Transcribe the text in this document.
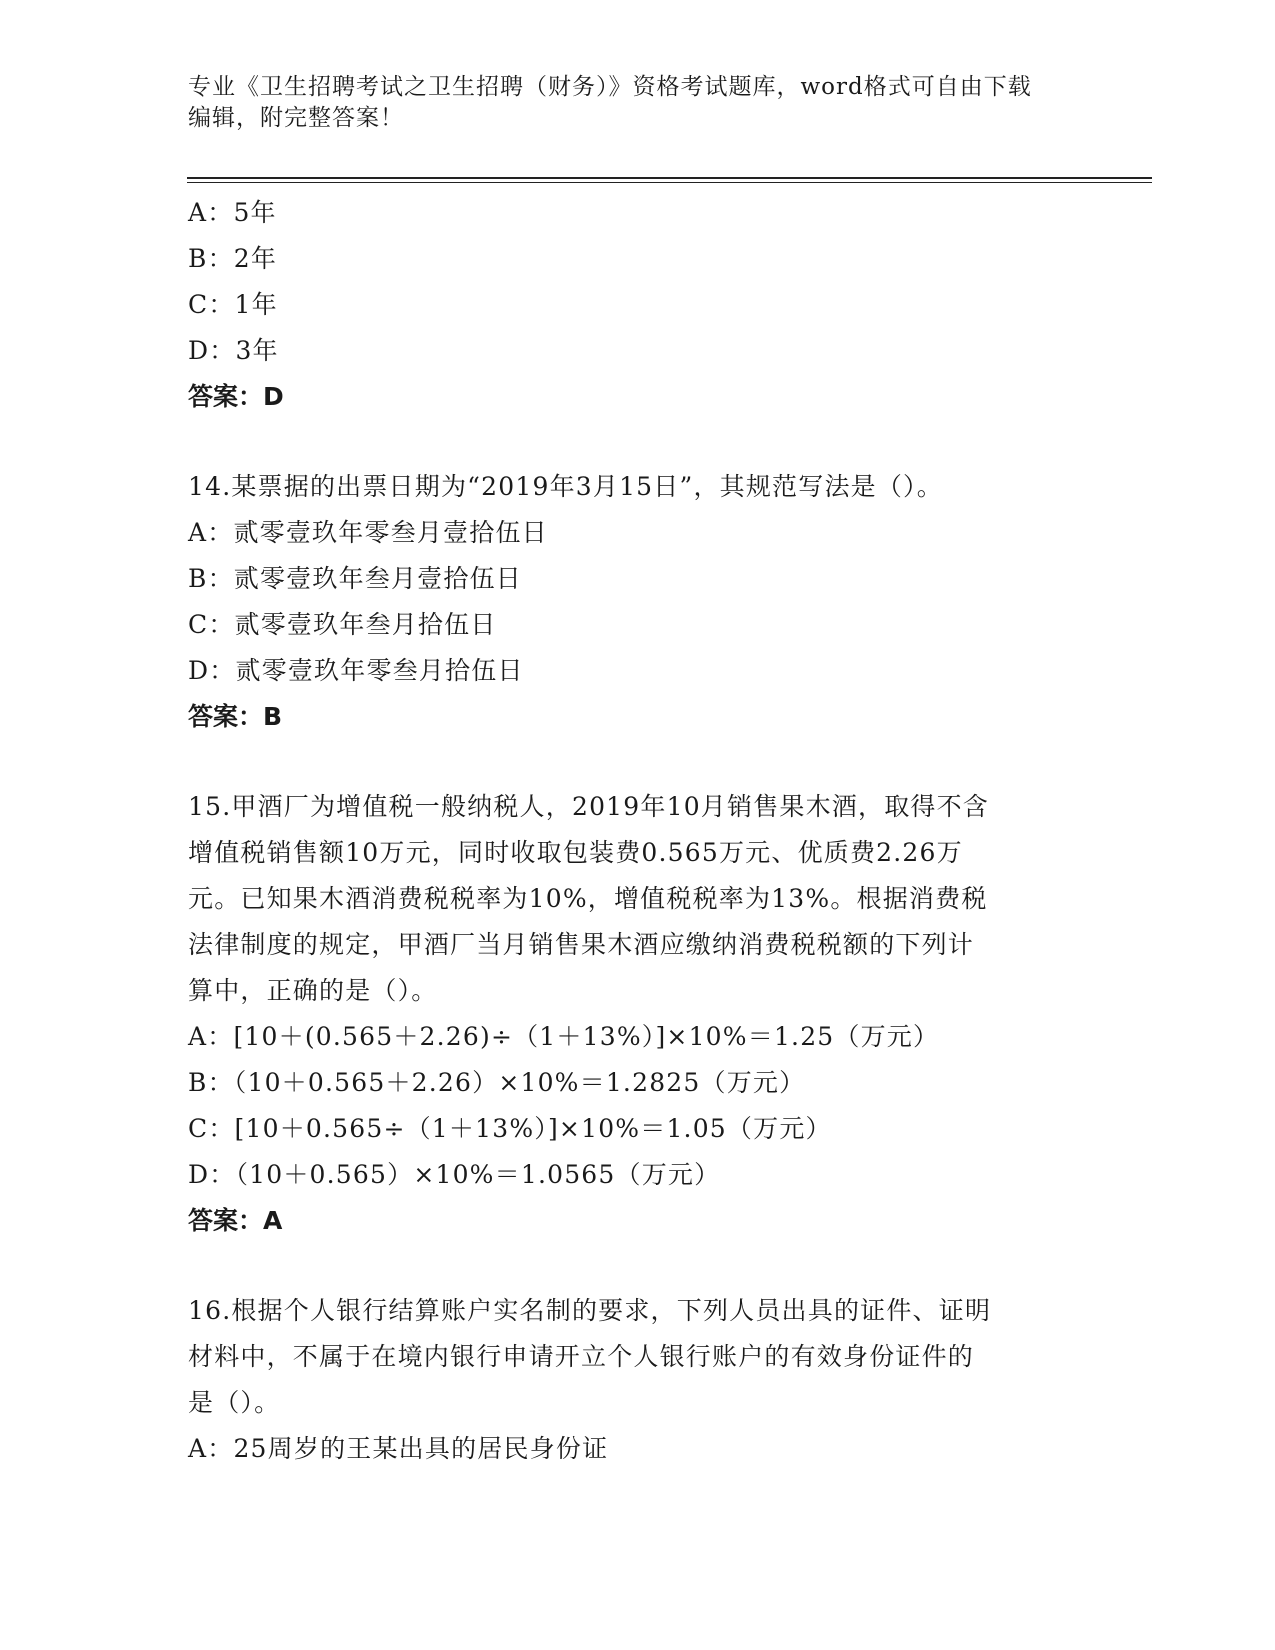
专业《卫生招聘考试之卫生招聘（财务）》资格考试题库，word格式可自由下载
编辑，附完整答案！
A：5年
B：2年
C：1年
D：3年
答案：D
14.某票据的出票日期为“2019年3月15日”，其规范写法是（）。
A：贰零壹玖年零叁月壹拾伍日
B：贰零壹玖年叁月壹拾伍日
C：贰零壹玖年叁月拾伍日
D：贰零壹玖年零叁月拾伍日
答案：B
15.甲酒厂为增值税一般纳税人，2019年10月销售果木酒，取得不含
增值税销售额10万元，同时收取包装费0.565万元、优质费2.26万
元。已知果木酒消费税税率为10%，增值税税率为13%。根据消费税
法律制度的规定，甲酒厂当月销售果木酒应缴纳消费税税额的下列计
算中，正确的是（）。
A：[10＋(0.565＋2.26)÷（1＋13%）]×10%＝1.25（万元）
B：（10＋0.565＋2.26）×10%＝1.2825（万元）
C：[10＋0.565÷（1＋13%）]×10%＝1.05（万元）
D：（10＋0.565）×10%＝1.0565（万元）
答案：A
16.根据个人银行结算账户实名制的要求，下列人员出具的证件、证明
材料中，不属于在境内银行申请开立个人银行账户的有效身份证件的
是（）。
A：25周岁的王某出具的居民身份证
